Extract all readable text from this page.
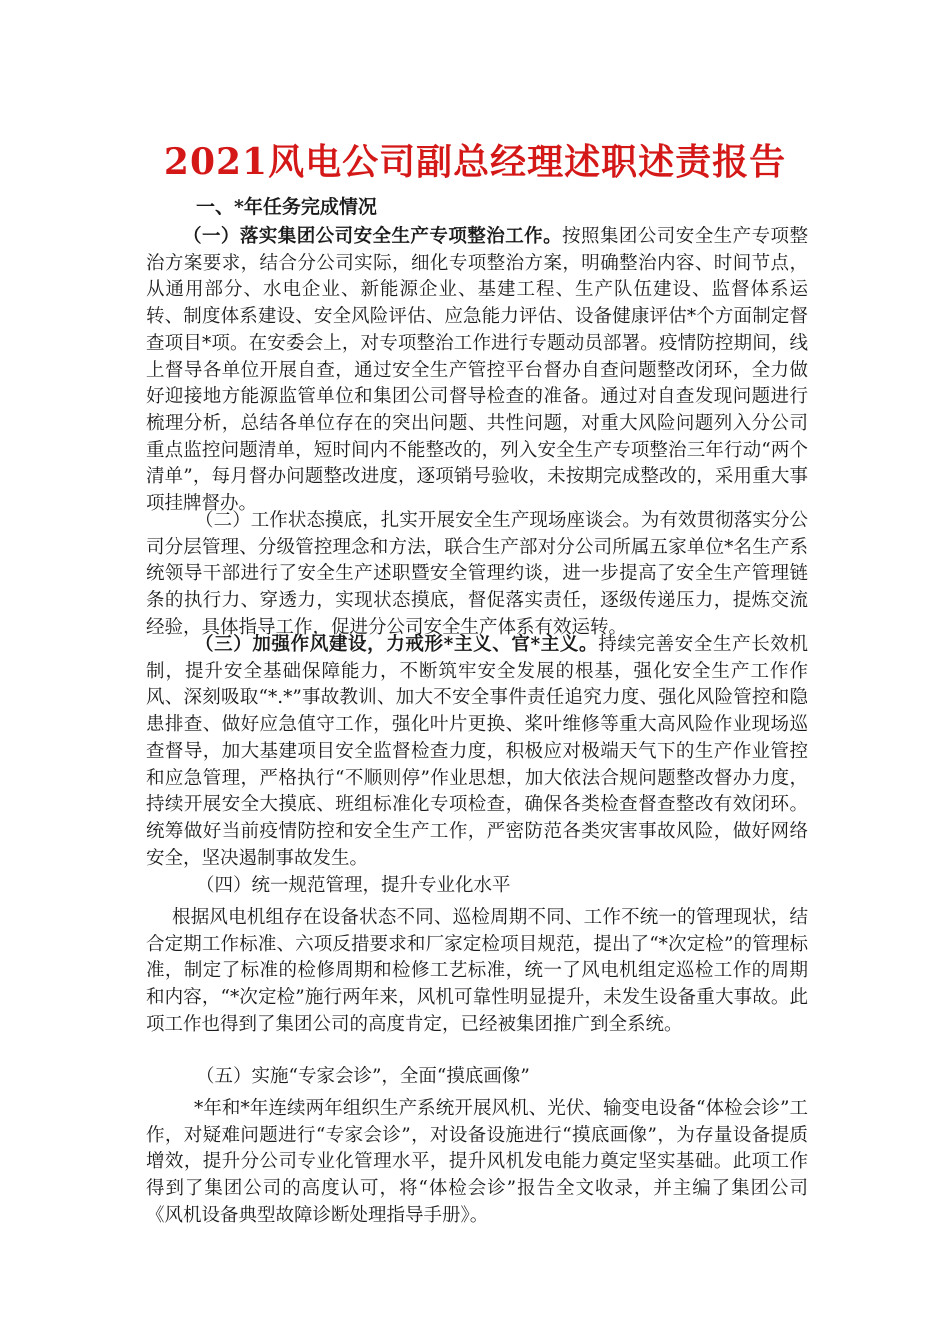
2021风电公司副总经理述职述责报告
一、*年任务完成情况

（一）落实集团公司安全生产专项整治工作。按照集团公司安全生产专项整治方案要求，结合分公司实际，细化专项整治方案，明确整治内容、时间节点，从通用部分、水电企业、新能源企业、基建工程、生产队伍建设、监督体系运转、制度体系建设、安全风险评估、应急能力评估、设备健康评估*个方面制定督查项目*项。在安委会上，对专项整治工作进行专题动员部署。疫情防控期间，线上督导各单位开展自查，通过安全生产管控平台督办自查问题整改闭环，全力做好迎接地方能源监管单位和集团公司督导检查的准备。通过对自查发现问题进行梳理分析，总结各单位存在的突出问题、共性问题，对重大风险问题列入分公司重点监控问题清单，短时间内不能整改的，列入安全生产专项整治三年行动“两个清单”，每月督办问题整改进度，逐项销号验收，未按期完成整改的，采用重大事项挂牌督办。

（二）工作状态摸底，扎实开展安全生产现场座谈会。为有效贯彻落实分公司分层管理、分级管控理念和方法，联合生产部对分公司所属五家单位*名生产系统领导干部进行了安全生产述职暨安全管理约谈，进一步提高了安全生产管理链条的执行力、穿透力，实现状态摸底，督促落实责任，逐级传递压力，提炼交流经验，具体指导工作，促进分公司安全生产体系有效运转。

（三）加强作风建设，力戒形*主义、官*主义。持续完善安全生产长效机制，提升安全基础保障能力，不断筑牢安全发展的根基，强化安全生产工作作风、深刻吸取“*.*”事故教训、加大不安全事件责任追究力度、强化风险管控和隐患排查、做好应急值守工作，强化叶片更换、桨叶维修等重大高风险作业现场巡查督导，加大基建项目安全监督检查力度，积极应对极端天气下的生产作业管控和应急管理，严格执行“不顺则停”作业思想，加大依法合规问题整改督办力度，持续开展安全大摸底、班组标准化专项检查，确保各类检查督查整改有效闭环。统筹做好当前疫情防控和安全生产工作，严密防范各类灾害事故风险，做好网络安全，坚决遏制事故发生。

（四）统一规范管理，提升专业化水平

根据风电机组存在设备状态不同、巡检周期不同、工作不统一的管理现状，结合定期工作标准、六项反措要求和厂家定检项目规范，提出了“*次定检”的管理标准，制定了标准的检修周期和检修工艺标准，统一了风电机组定巡检工作的周期和内容，“*次定检”施行两年来，风机可靠性明显提升，未发生设备重大事故。此项工作也得到了集团公司的高度肯定，已经被集团推广到全系统。

（五）实施“专家会诊”，全面“摸底画像”

*年和*年连续两年组织生产系统开展风机、光伏、输变电设备“体检会诊”工作，对疑难问题进行“专家会诊”，对设备设施进行“摸底画像”，为存量设备提质增效，提升分公司专业化管理水平，提升风机发电能力奠定坚实基础。此项工作得到了集团公司的高度认可，将“体检会诊”报告全文收录，并主编了集团公司《风机设备典型故障诊断处理指导手册》。
